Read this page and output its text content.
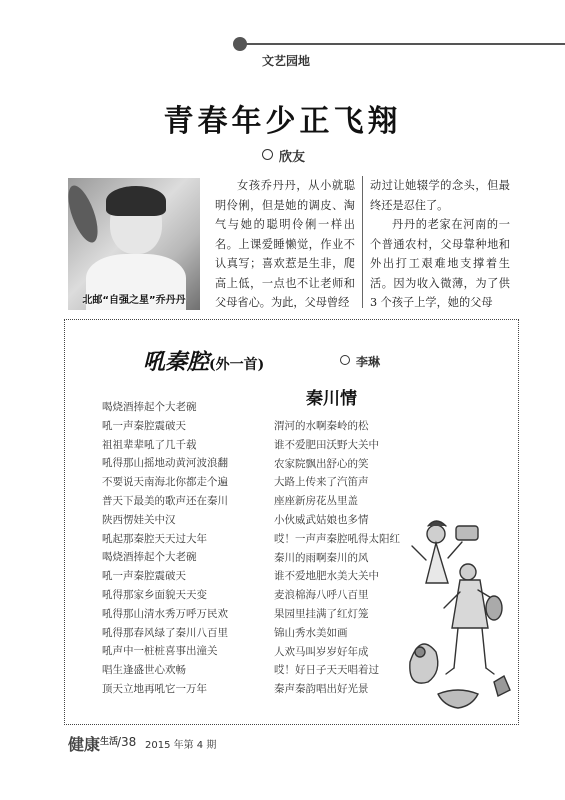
文艺园地
青春年少正飞翔
欣友
北邮“自强之星”乔丹丹
女孩乔丹丹，从小就聪明伶俐，但是她的调皮、淘气与她的聪明伶俐一样出名。上课爱睡懒觉，作业不认真写；喜欢惹是生非，爬高上低，一点也不让老师和父母省心。为此，父母曾经
动过让她辍学的念头，但最终还是忍住了。
丹丹的老家在河南的一个普通农村，父母靠种地和外出打工艰难地支撑着生活。因为收入微薄，为了供 3 个孩子上学，她的父母
吼秦腔(外一首)	李琳
秦川情
喝烧酒捧起个大老碗
吼一声秦腔震破天
祖祖辈辈吼了几千载
吼得那山摇地动黄河波浪翻
不要说天南海北你都走个遍
普天下最美的歌声还在秦川
陕西愣娃关中汉
吼起那秦腔天天过大年
喝烧酒捧起个大老碗
吼一声秦腔震破天
吼得那家乡面貌天天变
吼得那山清水秀万呼万民欢
吼得那春风绿了秦川八百里
吼声中一桩桩喜事出潼关
唱生逢盛世心欢畅
顶天立地再吼它一万年
渭河的水啊秦岭的松
谁不爱肥田沃野大关中
农家院飘出舒心的笑
大路上传来了汽笛声
座座新房花丛里盖
小伙威武姑娘也多情
哎！一声声秦腔吼得太阳红
秦川的雨啊秦川的风
谁不爱地肥水美大关中
麦浪棉海八呼八百里
果园里挂满了红灯笼
锦山秀水美如画
人欢马叫岁岁好年成
哎！好日子天天唱着过
秦声秦韵唱出好光景
健康$^{生活}$
/38 2015 年第 4 期
